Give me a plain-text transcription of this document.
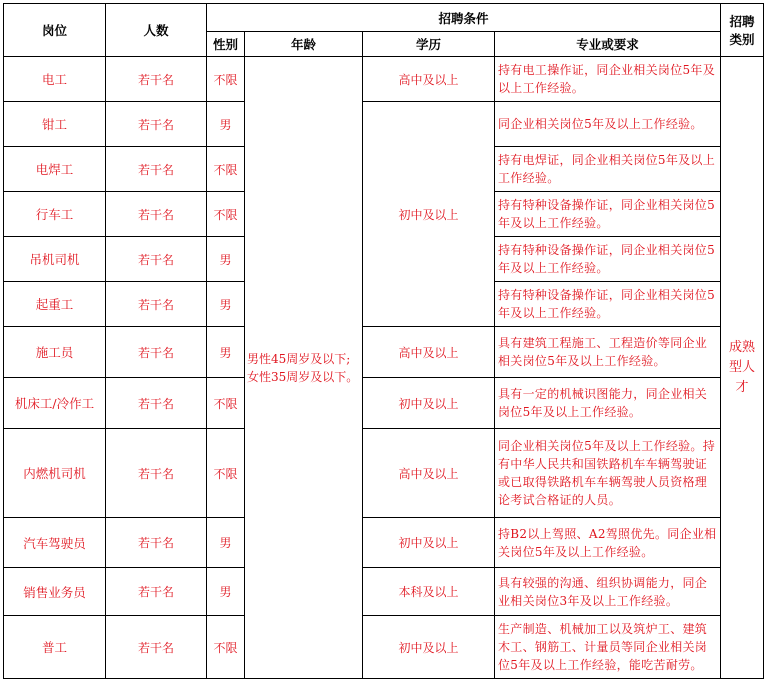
岗位	人数	招聘条件				招聘类别
		性别	年龄	学历	专业或要求	
电工	若干名	不限	男性45周岁及以下;女性35周岁及以下。	高中及以上	持有电工操作证，同企业相关岗位5年及以上工作经验。	成熟型人才
钳工	若干名	男		初中及以上	同企业相关岗位5年及以上工作经验。	
电焊工	若干名	不限			持有电焊证，同企业相关岗位5年及以上工作经验。	
行车工	若干名	不限			持有特种设备操作证，同企业相关岗位5年及以上工作经验。	
吊机司机	若干名	男			持有特种设备操作证，同企业相关岗位5年及以上工作经验。	
起重工	若干名	男			持有特种设备操作证，同企业相关岗位5年及以上工作经验。	
施工员	若干名	男		高中及以上	具有建筑工程施工、工程造价等同企业相关岗位5年及以上工作经验。	
机床工/冷作工	若干名	不限		初中及以上	具有一定的机械识图能力，同企业相关岗位5年及以上工作经验。	
内燃机司机	若干名	不限		高中及以上	同企业相关岗位5年及以上工作经验。持有中华人民共和国铁路机车车辆驾驶证或已取得铁路机车车辆驾驶人员资格理论考试合格证的人员。	
汽车驾驶员	若干名	男		初中及以上	持B2以上驾照、A2驾照优先。同企业相关岗位5年及以上工作经验。	
销售业务员	若干名	男		本科及以上	具有较强的沟通、组织协调能力，同企业相关岗位3年及以上工作经验。	
普工	若干名	不限		初中及以上	生产制造、机械加工以及筑炉工、建筑木工、钢筋工、计量员等同企业相关岗位5年及以上工作经验，能吃苦耐劳。	
